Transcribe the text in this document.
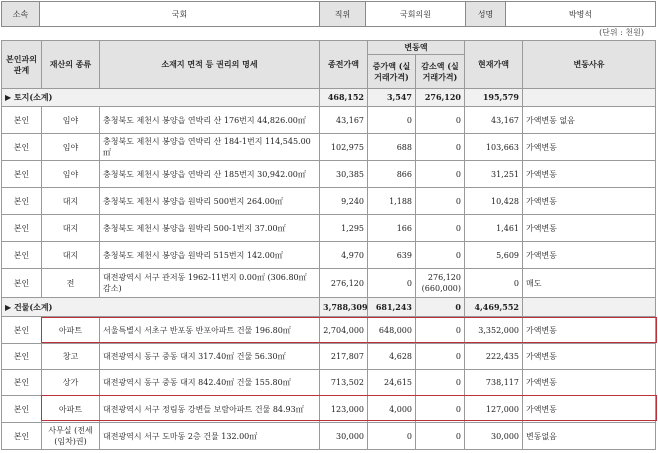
소속	국회	직위	국회의원	성명	박병석
(단위 : 천원)
본인과의 관계	재산의 종류	소재지 면적 등 권리의 명세	종전가액	변동액		현재가액	변동사유
				증가액 (실거래가격)	감소액 (실거래가격)		
▶ 토지(소계)			468,152	3,547	276,120	195,579	
본인	임야	충청북도 제천시 봉양읍 연박리 산 176번지 44,826.00㎡	43,167	0	0	43,167	가액변동 없음
본인	임야	충청북도 제천시 봉양읍 연박리 산 184-1번지 114,545.00㎡	102,975	688	0	103,663	가액변동
본인	임야	충청북도 제천시 봉양읍 연박리 산 185번지 30,942.00㎡	30,385	866	0	31,251	가액변동
본인	대지	충청북도 제천시 봉양읍 원박리 500번지 264.00㎡	9,240	1,188	0	10,428	가액변동
본인	대지	충청북도 제천시 봉양읍 원박리 500-1번지 37.00㎡	1,295	166	0	1,461	가액변동
본인	대지	충청북도 제천시 봉양읍 원박리 515번지 142.00㎡	4,970	639	0	5,609	가액변동
본인	전	대전광역시 서구 관저동 1962-11번지 0.00㎡ (306.80㎡ 감소)	276,120	0	276,120 (660,000)	0	매도
▶ 건물(소계)			3,788,309	681,243	0	4,469,552	
본인	아파트	서울특별시 서초구 반포동 반포아파트 건물 196.80㎡	2,704,000	648,000	0	3,352,000	가액변동
본인	창고	대전광역시 동구 중동 대지 317.40㎡ 건물 56.30㎡	217,807	4,628	0	222,435	가액변동
본인	상가	대전광역시 동구 중동 대지 842.40㎡ 건물 155.80㎡	713,502	24,615	0	738,117	가액변동
본인	아파트	대전광역시 서구 정림동 강변들 보람아파트 건물 84.93㎡	123,000	4,000	0	127,000	가액변동
본인	사무실 (전세(임차)권)	대전광역시 서구 도마동 2층 건물 132.00㎡	30,000	0	0	30,000	변동없음
